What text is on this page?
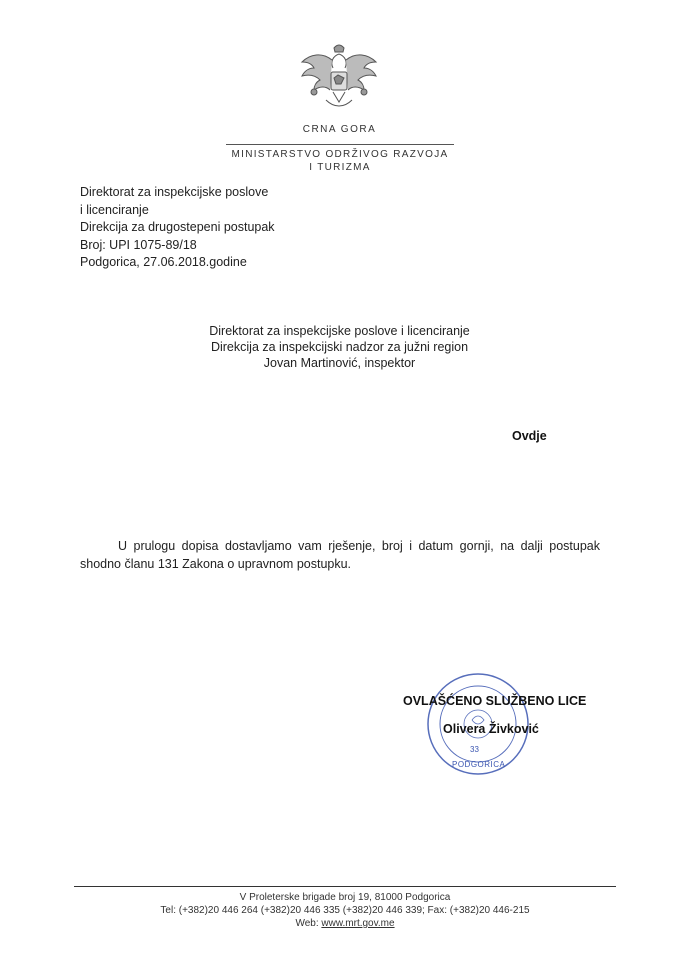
CRNA GORA
MINISTARSTVO ODRŽIVOG RAZVOJA
I TURIZMA
Direktorat za inspekcijske poslove
i licenciranje
Direkcija za drugostepeni postupak
Broj: UPI 1075-89/18
Podgorica, 27.06.2018.godine
Direktorat za inspekcijske poslove i licenciranje
Direkcija za inspekcijski nadzor za južni region
Jovan Martinović, inspektor
Ovdje

U prulogu dopisa dostavljamo vam rješenje, broj i datum gornji, na dalji postupak shodno članu 131 Zakona o upravnom postupku.

33
PODGORICA
OVLAŠĆENO SLUŽBENO LICE
Olivera Živković
V Proleterske brigade broj 19, 81000 Podgorica
Tel: (+382)20 446 264 (+382)20 446 335 (+382)20 446 339; Fax: (+382)20 446-215
Web: www.mrt.gov.me
